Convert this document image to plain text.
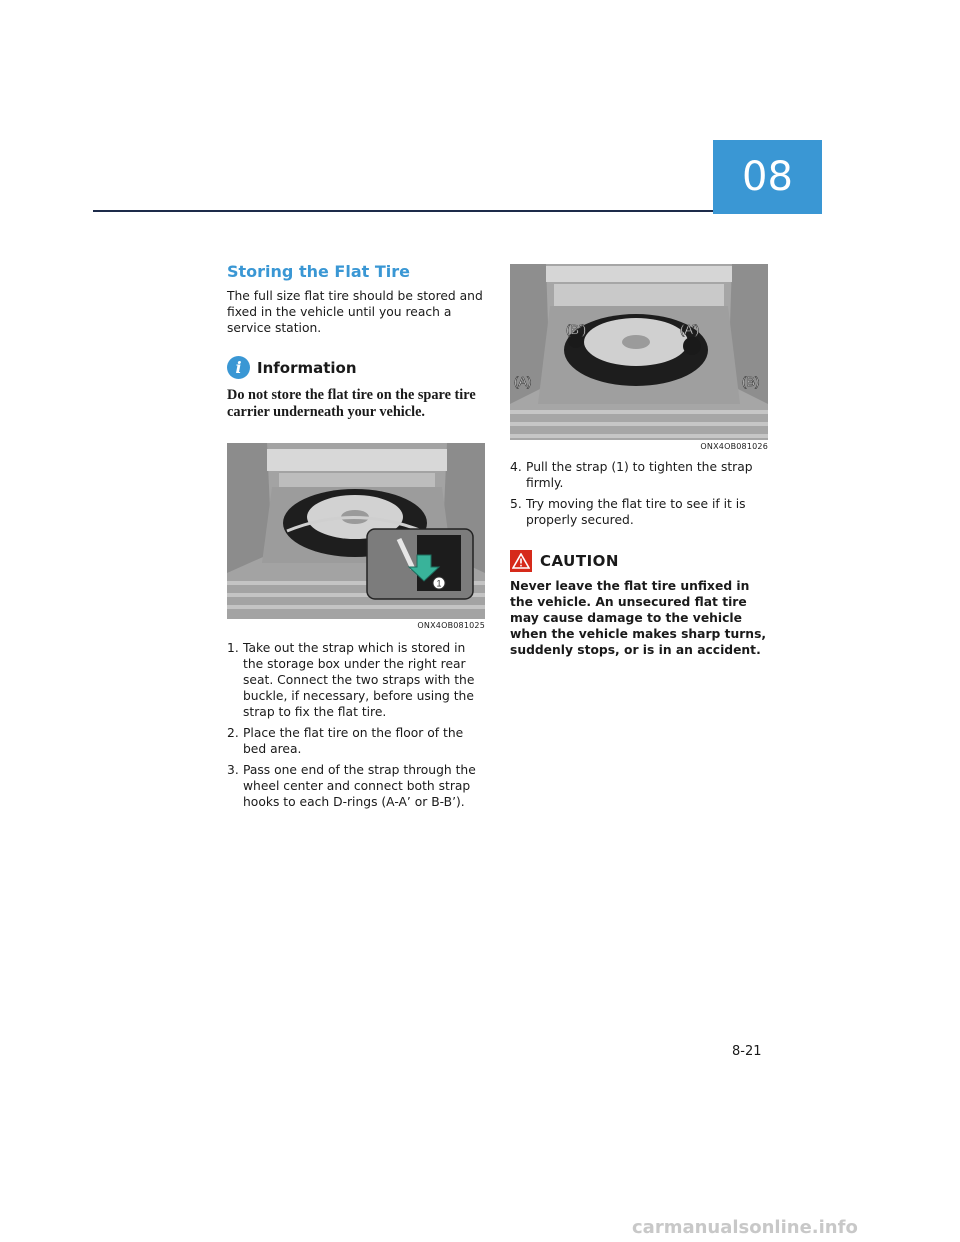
08
Storing the Flat Tire

The full size flat tire should be stored and fixed in the vehicle until you reach a service station.

i	Information
Do not store the flat tire on the spare tire carrier underneath your vehicle.
1
ONX4OB081025
1. Take out the strap which is stored in the storage box under the right rear seat. Connect the two straps with the buckle, if necessary, before using the strap to fix the flat tire.
2. Place the flat tire on the floor of the bed area.
3. Pass one end of the strap through the wheel center and connect both strap hooks to each D-rings (A-A’ or B-B’).
(B’)	(A’)
(A)	(B)
ONX4OB081026
4. Pull the strap (1) to tighten the strap firmly.
5. Try moving the flat tire to see if it is properly secured.
CAUTION
Never leave the flat tire unfixed in the vehicle. An unsecured flat tire may cause damage to the vehicle when the vehicle makes sharp turns, suddenly stops, or is in an accident.
8-21
carmanualsonline.info
